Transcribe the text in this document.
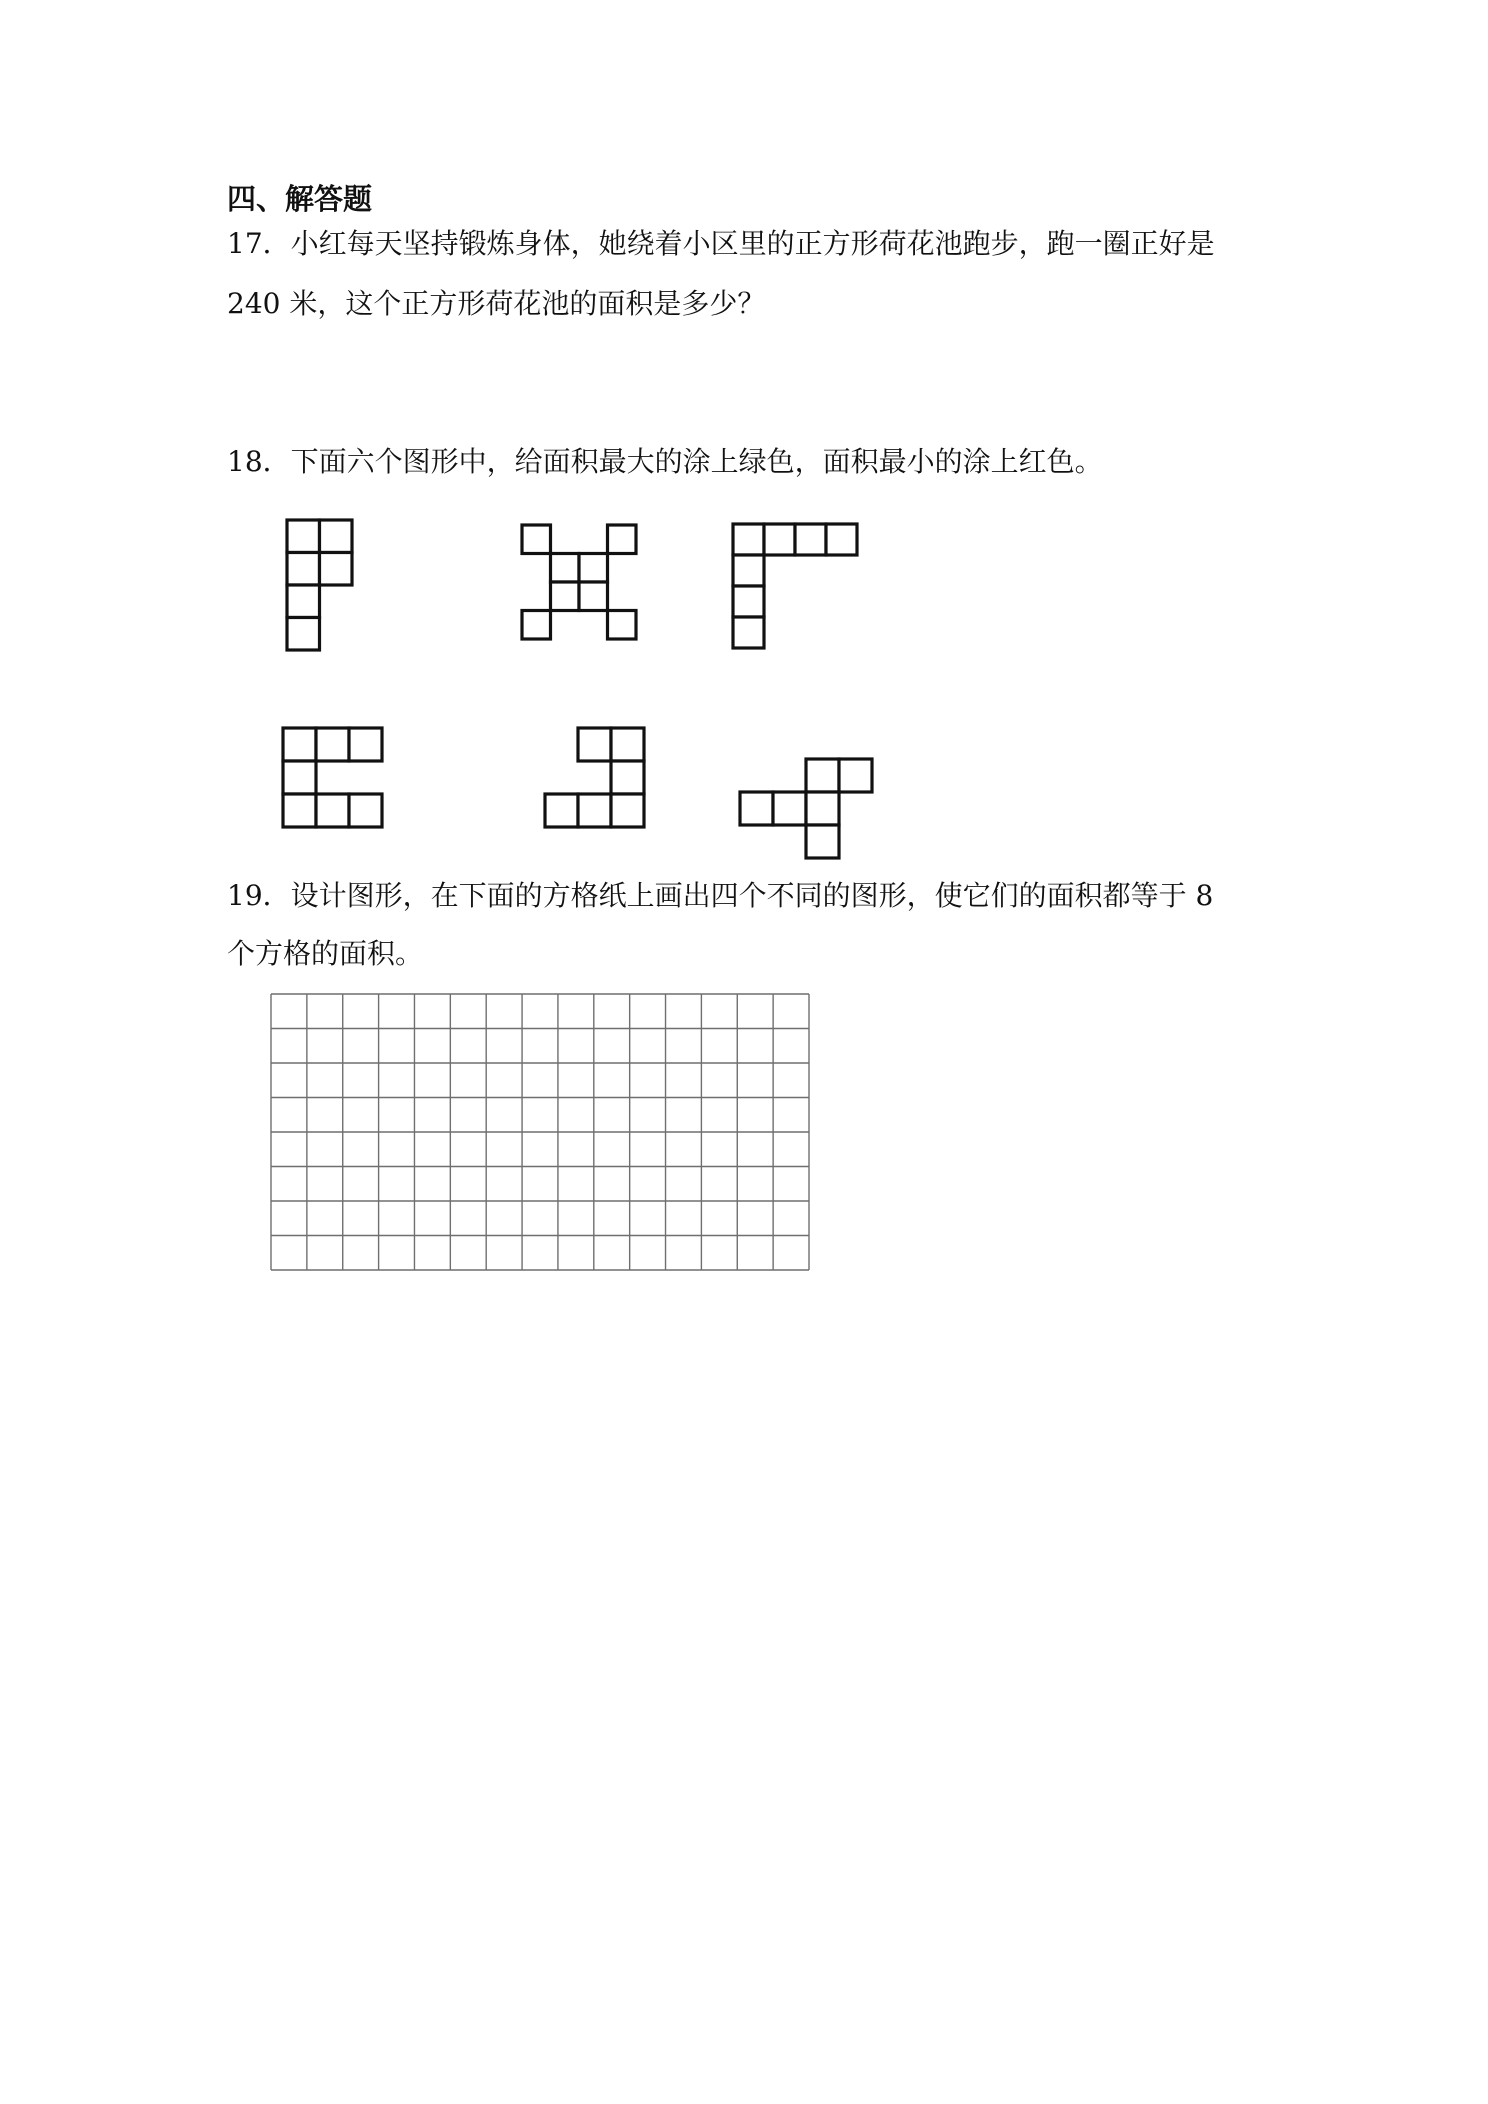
四、解答题
17．小红每天坚持锻炼身体，她绕着小区里的正方形荷花池跑步，跑一圈正好是
240 米，这个正方形荷花池的面积是多少？
18．下面六个图形中，给面积最大的涂上绿色，面积最小的涂上红色。
19．设计图形，在下面的方格纸上画出四个不同的图形，使它们的面积都等于 8
个方格的面积。
